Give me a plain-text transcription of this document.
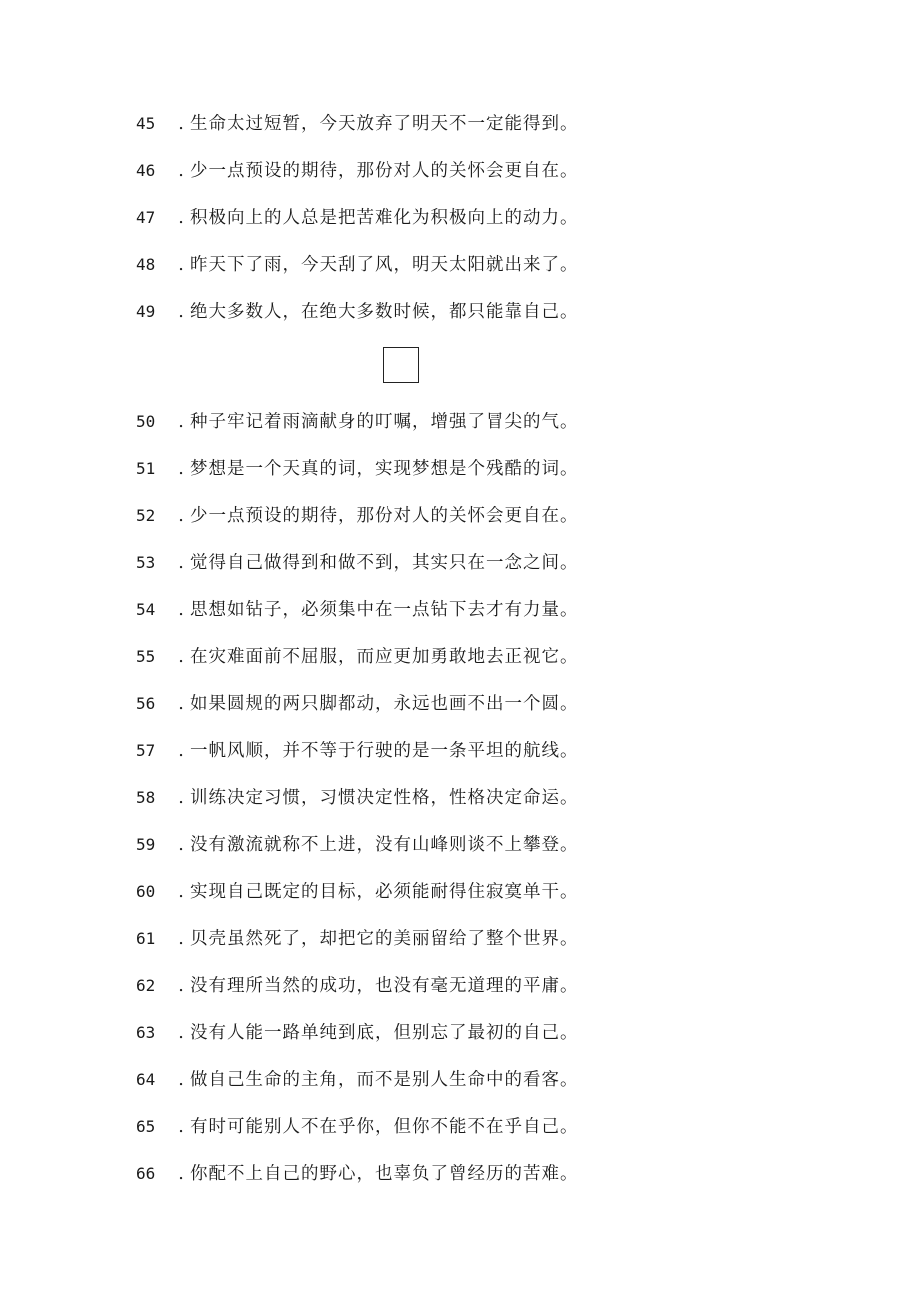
45 . 生命太过短暂，今天放弃了明天不一定能得到。
46 . 少一点预设的期待，那份对人的关怀会更自在。
47 . 积极向上的人总是把苦难化为积极向上的动力。
48 . 昨天下了雨，今天刮了风，明天太阳就出来了。
49 . 绝大多数人，在绝大多数时候，都只能靠自己。
50 . 种子牢记着雨滴献身的叮嘱，增强了冒尖的气。
51 . 梦想是一个天真的词，实现梦想是个残酷的词。
52 . 少一点预设的期待，那份对人的关怀会更自在。
53 . 觉得自己做得到和做不到，其实只在一念之间。
54 . 思想如钻子，必须集中在一点钻下去才有力量。
55 . 在灾难面前不屈服，而应更加勇敢地去正视它。
56 . 如果圆规的两只脚都动，永远也画不出一个圆。
57 . 一帆风顺，并不等于行驶的是一条平坦的航线。
58 . 训练决定习惯，习惯决定性格，性格决定命运。
59 . 没有激流就称不上进，没有山峰则谈不上攀登。
60 . 实现自己既定的目标，必须能耐得住寂寞单干。
61 . 贝壳虽然死了，却把它的美丽留给了整个世界。
62 . 没有理所当然的成功，也没有毫无道理的平庸。
63 . 没有人能一路单纯到底，但别忘了最初的自己。
64 . 做自己生命的主角，而不是别人生命中的看客。
65 . 有时可能别人不在乎你，但你不能不在乎自己。
66 . 你配不上自己的野心，也辜负了曾经历的苦难。
